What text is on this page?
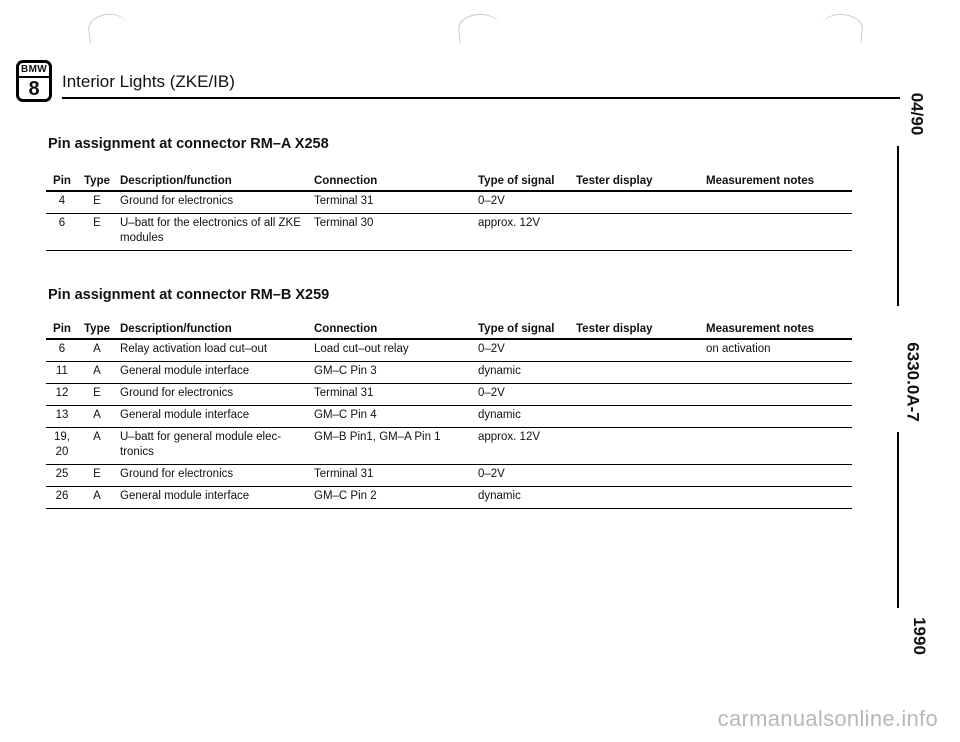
BMW
8	Interior Lights (ZKE/IB)
Pin assignment at connector RM–A X258
Pin	Type	Description/function	Connection	Type of signal	Tester display	Measurement notes
4	E	Ground for electronics	Terminal 31	0–2V		
6	E	U–batt for the electronics of all ZKE modules	Terminal 30	approx. 12V		
Pin assignment at connector RM–B X259
Pin	Type	Description/function	Connection	Type of signal	Tester display	Measurement notes
6	A	Relay activation load cut–out	Load cut–out relay	0–2V		on activation
11	A	General module interface	GM–C Pin 3	dynamic		
12	E	Ground for electronics	Terminal 31	0–2V		
13	A	General module interface	GM–C Pin 4	dynamic		
19, 20	A	U–batt for general module elec- tronics	GM–B Pin1, GM–A Pin 1	approx. 12V		
25	E	Ground for electronics	Terminal 31	0–2V		
26	A	General module interface	GM–C Pin 2	dynamic		
04/90
6330.0A-7
1990
carmanualsonline.info
